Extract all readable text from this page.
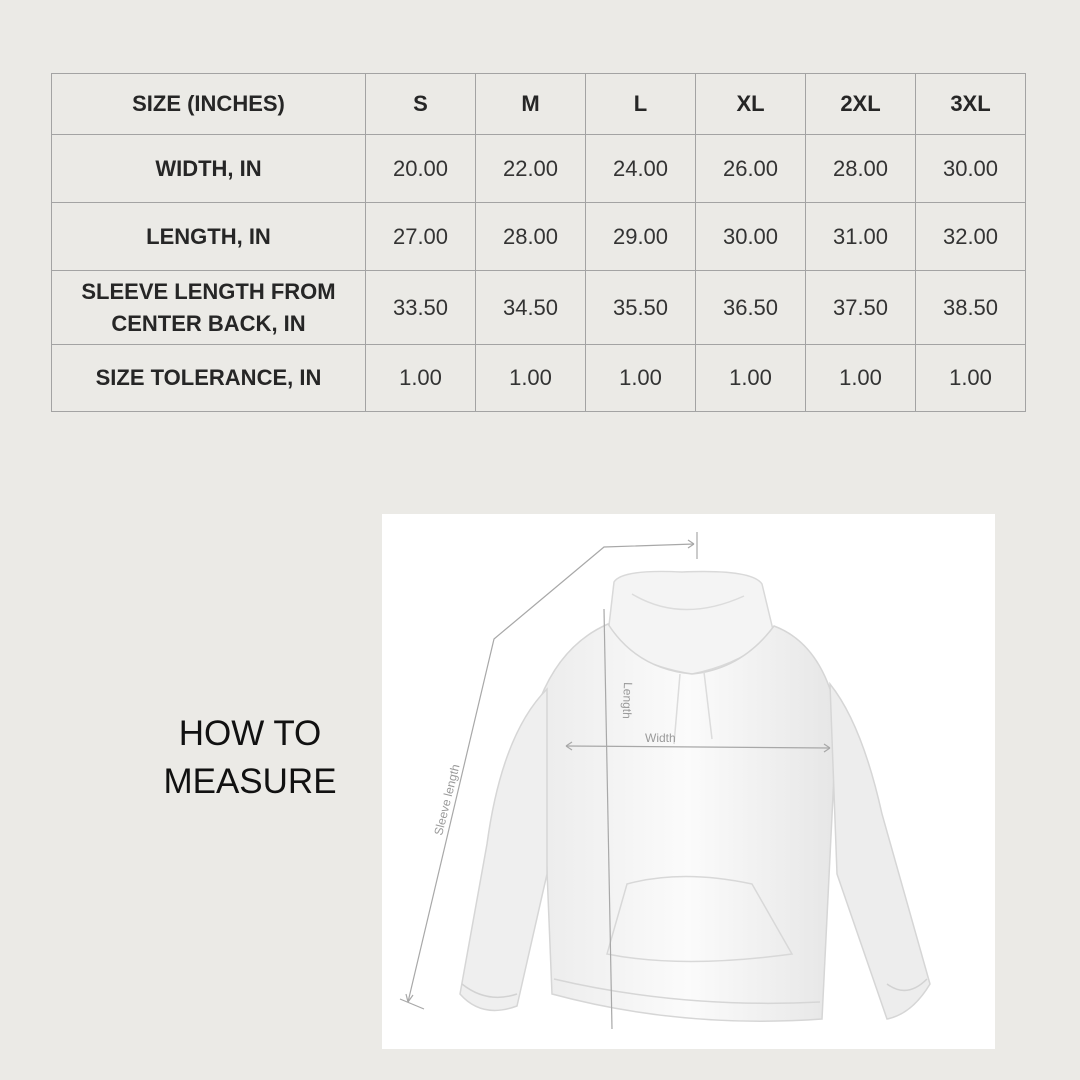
SIZE (INCHES)	S	M	L	XL	2XL	3XL
WIDTH, IN	20.00	22.00	24.00	26.00	28.00	30.00
LENGTH, IN	27.00	28.00	29.00	30.00	31.00	32.00
SLEEVE LENGTH FROM
CENTER BACK, IN	33.50	34.50	35.50	36.50	37.50	38.50
SIZE TOLERANCE, IN	1.00	1.00	1.00	1.00	1.00	1.00
HOW TO
MEASURE
Width
Length
Sleeve length
